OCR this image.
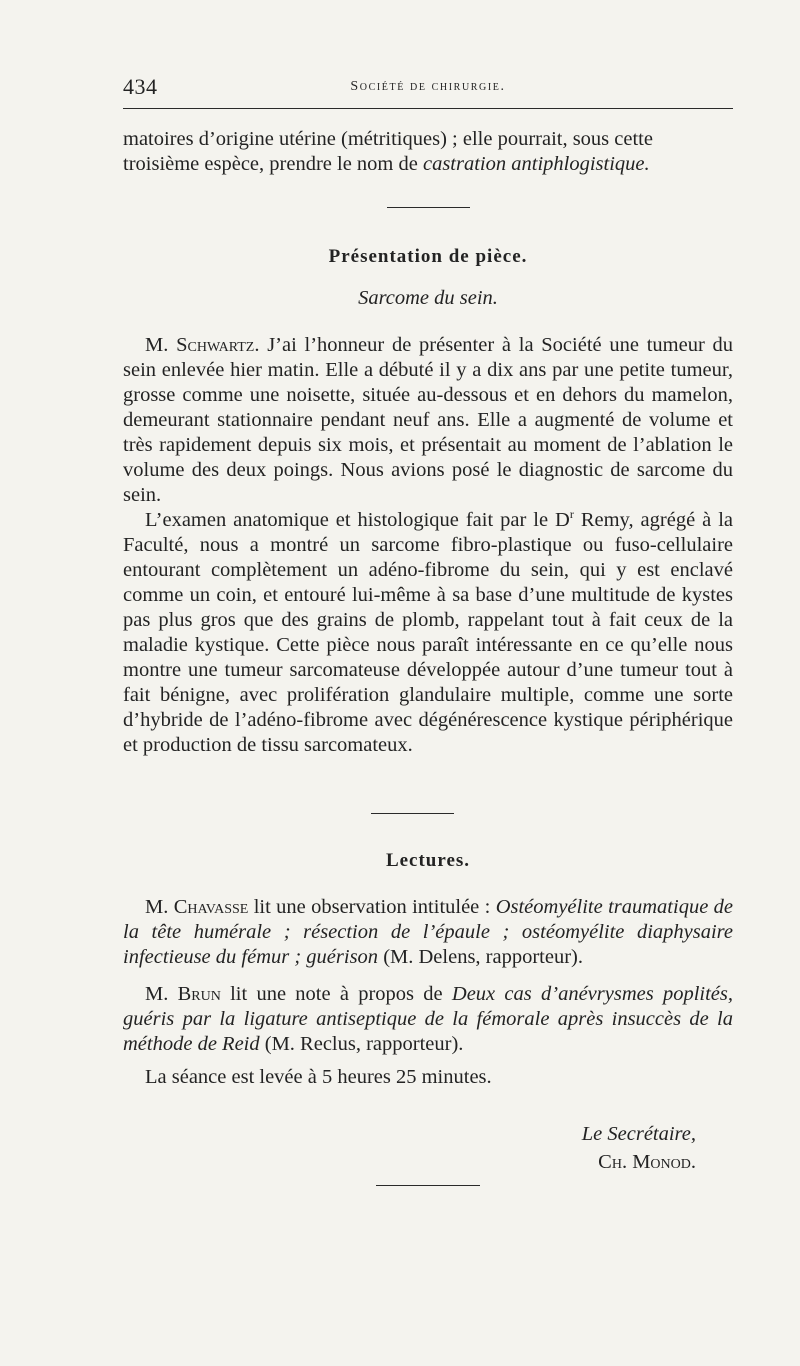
434	Société de chirurgie.

matoires d’origine utérine (métritiques) ; elle pourrait, sous cette
troisième espèce, prendre le nom de castration antiphlogistique.

Présentation de pièce.
Sarcome du sein.

M. Schwartz. J’ai l’honneur de présenter à la Société une tumeur du sein enlevée hier matin. Elle a débuté il y a dix ans par une petite tumeur, grosse comme une noisette, située au-dessous et en dehors du mamelon, demeurant stationnaire pendant neuf ans. Elle a augmenté de volume et très rapidement depuis six mois, et présentait au moment de l’ablation le volume des deux poings. Nous avions posé le diagnostic de sarcome du sein.

L’examen anatomique et histologique fait par le $D^r$ Remy, agrégé à la Faculté, nous a montré un sarcome fibro-plastique ou fuso-cellulaire entourant complètement un adéno-fibrome du sein, qui y est enclavé comme un coin, et entouré lui-même à sa base d’une multitude de kystes pas plus gros que des grains de plomb, rappelant tout à fait ceux de la maladie kystique. Cette pièce nous paraît intéressante en ce qu’elle nous montre une tumeur sarcomateuse développée autour d’une tumeur tout à fait bénigne, avec prolifération glandulaire multiple, comme une sorte d’hybride de l’adéno-fibrome avec dégénérescence kystique périphérique et production de tissu sarcomateux.

Lectures.

M. Chavasse lit une observation intitulée : Ostéomyélite traumatique de la tête humérale ; résection de l’épaule ; ostéomyélite diaphysaire infectieuse du fémur ; guérison (M. Delens, rapporteur).

M. Brun lit une note à propos de Deux cas d’anévrysmes poplités, guéris par la ligature antiseptique de la fémorale après insuccès de la méthode de Reid (M. Reclus, rapporteur).

La séance est levée à 5 heures 25 minutes.

Le Secrétaire,
Ch. Monod.
